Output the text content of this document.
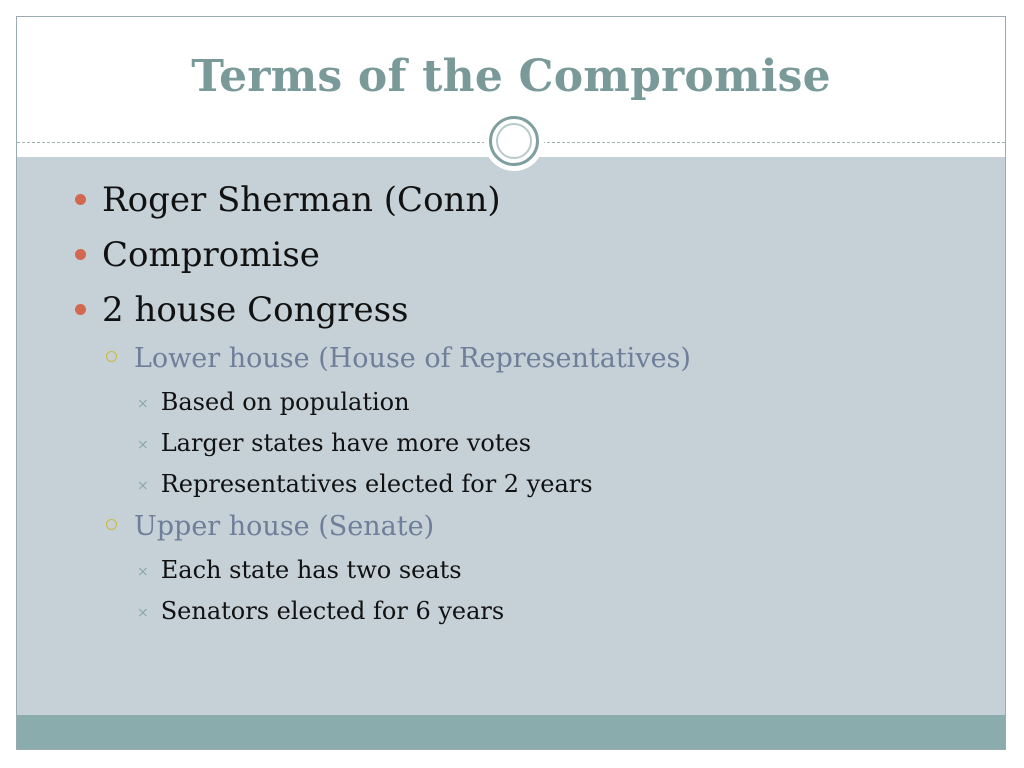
Terms of the Compromise
Roger Sherman (Conn)
Compromise
2 house Congress
Lower house (House of Representatives)
⨯ Based on population
⨯ Larger states have more votes
⨯ Representatives elected for 2 years
Upper house (Senate)
⨯ Each state has two seats
⨯ Senators elected for 6 years
